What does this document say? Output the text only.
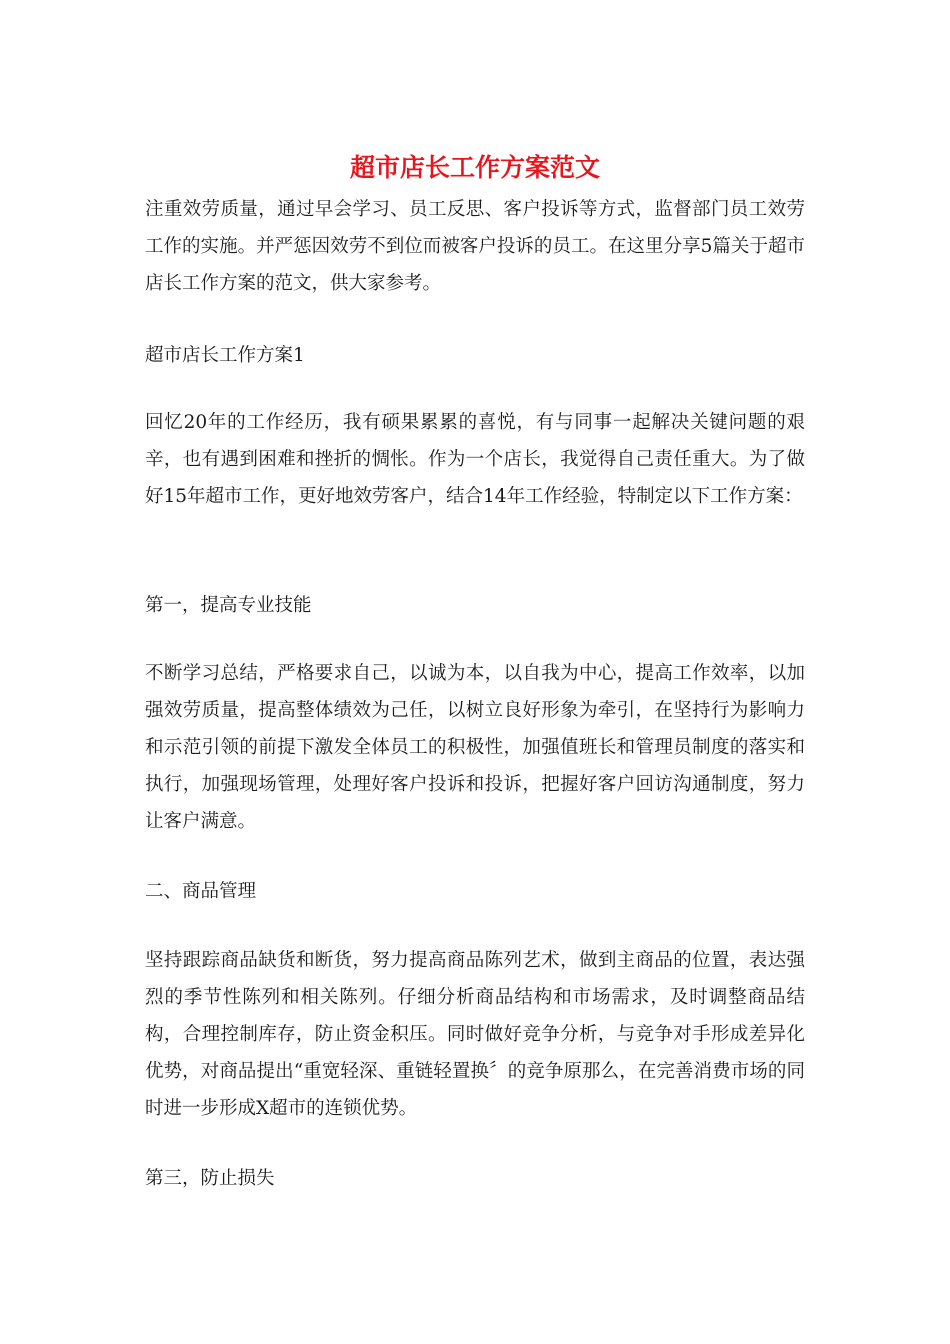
超市店长工作方案范文

注重效劳质量，通过早会学习、员工反思、客户投诉等方式，监督部门员工效劳工作的实施。并严惩因效劳不到位而被客户投诉的员工。在这里分享5篇关于超市店长工作方案的范文，供大家参考。

超市店长工作方案1

回忆20年的工作经历，我有硕果累累的喜悦，有与同事一起解决关键问题的艰辛，也有遇到困难和挫折的惆怅。作为一个店长，我觉得自己责任重大。为了做好15年超市工作，更好地效劳客户，结合14年工作经验，特制定以下工作方案：

第一，提高专业技能

不断学习总结，严格要求自己，以诚为本，以自我为中心，提高工作效率，以加强效劳质量，提高整体绩效为己任，以树立良好形象为牵引，在坚持行为影响力和示范引领的前提下激发全体员工的积极性，加强值班长和管理员制度的落实和执行，加强现场管理，处理好客户投诉和投诉，把握好客户回访沟通制度，努力让客户满意。

二、商品管理

坚持跟踪商品缺货和断货，努力提高商品陈列艺术，做到主商品的位置，表达强烈的季节性陈列和相关陈列。仔细分析商品结构和市场需求，及时调整商品结构，合理控制库存，防止资金积压。同时做好竞争分析，与竞争对手形成差异化优势，对商品提出“重宽轻深、重链轻置换〞的竞争原那么，在完善消费市场的同时进一步形成X超市的连锁优势。

第三，防止损失
